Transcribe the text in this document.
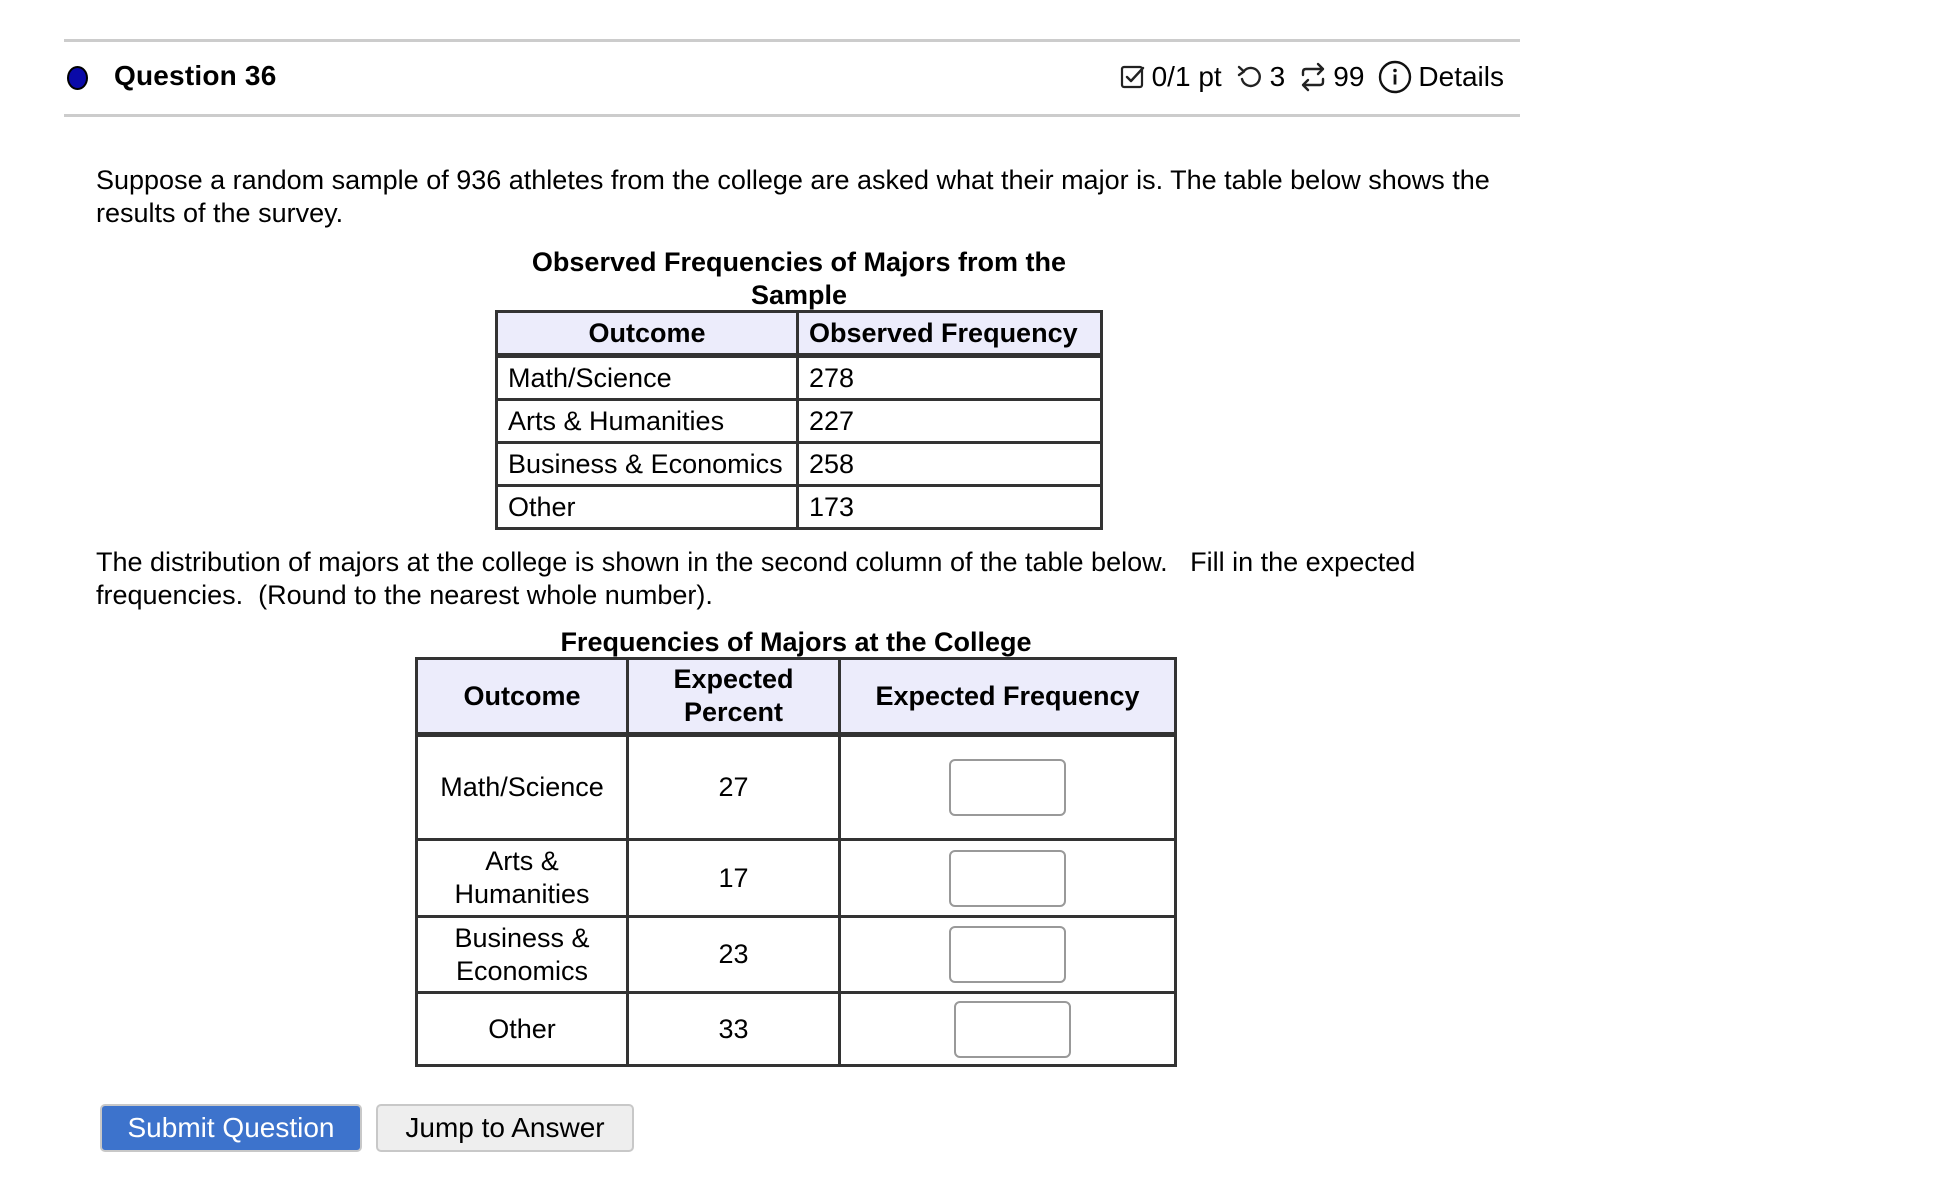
Question 36	0/1 pt 3 99 Details
Suppose a random sample of 936 athletes from the college are asked what their major is. The table below shows the results of the survey.
Observed Frequencies of Majors from the Sample
Outcome	Observed Frequency
Math/Science	278
Arts & Humanities	227
Business & Economics	258
Other	173
The distribution of majors at the college is shown in the second column of the table below.   Fill in the expected frequencies.  (Round to the nearest whole number).
Frequencies of Majors at the College
Outcome	Expected Percent	Expected Frequency
Math/Science	27	
Arts & Humanities	17	
Business & Economics	23	
Other	33	
Submit Question	Jump to Answer
